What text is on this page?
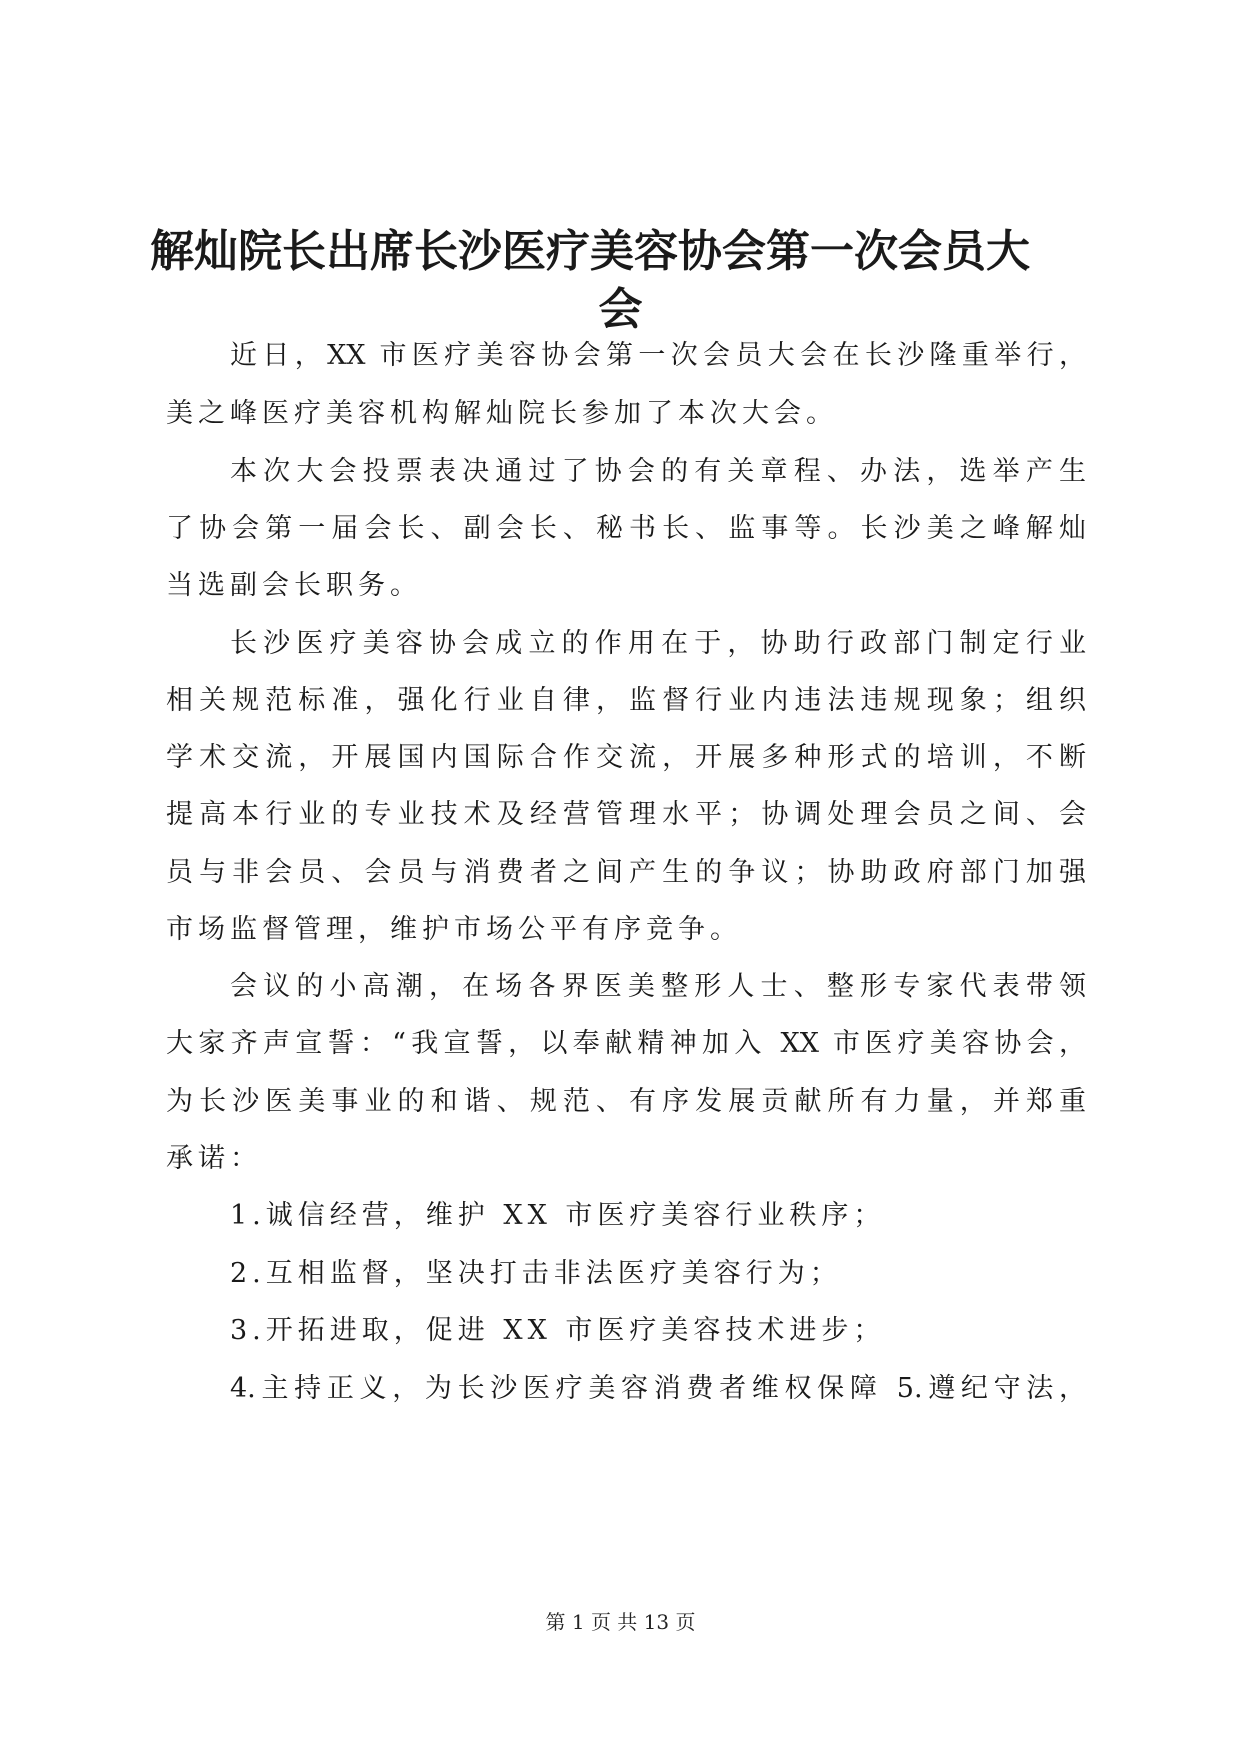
解灿院长出席长沙医疗美容协会第一次会员大
会

近日，XX 市医疗美容协会第一次会员大会在长沙隆重举行，

美之峰医疗美容机构解灿院长参加了本次大会。

本次大会投票表决通过了协会的有关章程、办法，选举产生

了协会第一届会长、副会长、秘书长、监事等。长沙美之峰解灿

当选副会长职务。

长沙医疗美容协会成立的作用在于，协助行政部门制定行业

相关规范标准，强化行业自律，监督行业内违法违规现象；组织

学术交流，开展国内国际合作交流，开展多种形式的培训，不断

提高本行业的专业技术及经营管理水平；协调处理会员之间、会

员与非会员、会员与消费者之间产生的争议；协助政府部门加强

市场监督管理，维护市场公平有序竞争。

会议的小高潮，在场各界医美整形人士、整形专家代表带领

大家齐声宣誓：“我宣誓，以奉献精神加入 XX 市医疗美容协会，

为长沙医美事业的和谐、规范、有序发展贡献所有力量，并郑重

承诺：

1.诚信经营，维护 XX 市医疗美容行业秩序；

2.互相监督，坚决打击非法医疗美容行为；

3.开拓进取，促进 XX 市医疗美容技术进步；

4.主持正义，为长沙医疗美容消费者维权保障 5.遵纪守法，

第 1 页 共 13 页
